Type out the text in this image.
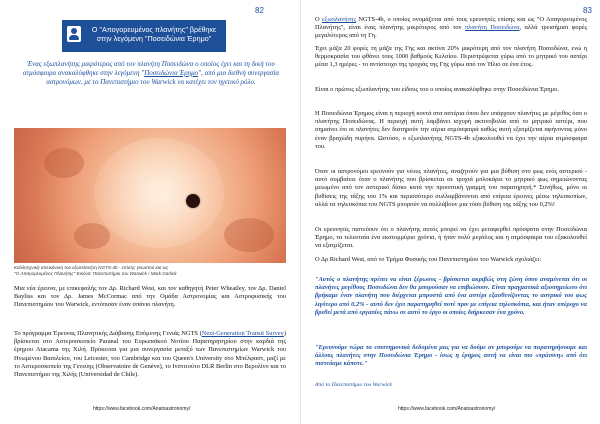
82
Ο "Απογορευμένος πλανήτης" βρέθηκε
στην λεγόμενη "Ποσειδώνια Έρημο"
Ένας εξωπλανήτης μικρότερος από τον πλανήτη Ποσειδώνα ο οποίος έχει και τη δική του ατμόσφαιρα ανακαλύφθηκε στην λεγόμενη "Ποσειδώνια Έρημο", από μια διεθνή συνεργασία αστρονόμων, με το Πανεπιστήμιο του Warwick να κατέχει τον ηγετικό ρόλο.
Καλλιτεχνική απεικόνιση του εξωπλανήτη NGTS-4b - επίσης γνωστού και ως
"O Απαγορευμένος Πλανήτης" Εικόνα: Πανεπιστήμιο του Warwick / Mark Garlick

Μια νέα έρευνα, με επικεφαλής τον Δρ. Richard West, και τον καθηγητή Peter Wheatley, τον Δρ. Daniel Bayliss και τον Δρ. James McCormac από την Ομάδα Αστρονομίας και Αστροφυσικής του Πανεπιστημίου του Warwick, εντόπισαν έναν σπάνιο πλανήτη.

Το πρόγραμμα Έρευνας Πλανητικής Διάβασης Επόμενης Γενιάς NGTS (Next-Generation Transit Survey) βρίσκεται στο Αστεροσκοπείο Paranal του Ευρωπαϊκού Νοτίου Παρατηρητηρίου στην καρδιά της έρημου Atacama της Χιλή. Πρόκειται για μια συνεργασία μεταξύ των Πανεπιστημίων Warwick του Ηνωμένου Βασιλείου, του Leicester, του Cambridge και του Queen's University στο Μπέλφαστ, μαζί με το Αστεροσκοπείο της Γενεύης (Observatoire de Genève), το Ινστιτούτο DLR Berlin στο Βερολίνο και το Πανεπιστήμιο της Χιλής (Universidad de Chile).

https://www.facebook.com/Anatoastronomy/
83

Ο εξωπλανήτης NGTS-4b, ο οποίος ονομάζεται από τους ερευνητές επίσης και ως "Ο Απαγορευμένος Πλανήτης", είναι ένας πλανήτης μικρότερος από τον πλανήτη Ποσειδώνα, αλλά τρεισήμισι φορές μεγαλύτερος από τη Γη.

Έχει μάζα 20 φορές τη μάζα της Γης και ακτίνα 20% μικρότερη από τον πλανήτη Ποσειδώνα, ενώ η θερμοκρασία του φθάνει τους 1000 βαθμούς Κελσίου. Περιστρέφεται γύρω από το μητρικό του αστέρι μέσα 1,3 ημέρες - το αντίστοιχο της τροχιάς της Γης γύρω από τον Ήλιο σε ένα έτος.

Είναι ο πρώτος εξωπλανήτης του είδους του ο οποίος ανακαλύφθηκε στην Ποσειδώνια Έρημο.

Η Ποσειδώνια Έρημος είναι η περιοχή κοντά στα αστέρια όπου δεν υπάρχουν πλανήτες με μέγεθος όσο ο πλανήτης Ποσειδώνας. Η περιοχή αυτή λαμβάνει ισχυρή ακτινοβολία από το μητρικό αστέρι, που σημαίνει ότι οι πλανήτες δεν διατηρούν την αέρια ατμόσφαιρά καθώς αυτή εξατμίζεται αφήνοντας μόνο έναν βραχώδη πυρήνα. Ωστόσο, ο εξωπλανήτης NGTS-4b εξακολουθεί να έχει την αέρια ατμόσφαιρα του.

Όταν οι αστρονόμοι ερευνούν για νέους πλανήτες, αναζητούν για μια βύθιση στο φως ενός αστεριού - αυτό συμβαίνει όταν ο πλανήτης που βρίσκεται σε τροχιά μπλοκάρει το μητρικό φως σημειώνοντας μειωμένο από τον αστερικό δίσκο κατά την προοπτική γραμμή του παρατηρητή.* Συνήθως, μόνο οι βυθίσεις της τάξης του 1% και περισσότερο συλλαμβάνονται από επίγεια έρευνες μέσω τηλεσκοπίων, αλλά τα τηλεσκόπια του NGTS μπορούν να συλλάβουν μια τόσο βύθιση της τάξης του 0,2%!

Οι ερευνητές πιστεύουν ότι ο πλανήτης αυτός μπορεί να έχει μεταφερθεί πρόσφατα στην Ποσειδώνια Έρημο, τα τελευταία ένα εκατομμύριο χρόνια, ή ήταν πολύ μεγάλος και η ατμόσφαιρα του εξακολουθεί να εξατμίζεται.

Ο Δρ Richard West, από το Τμήμα Φυσικής του Πανεπιστημίου του Warwick σχολιάζει:

"Αυτός ο πλανήτης πρέπει να είναι ξέρωσος - βρίσκεται ακριβώς στη ζώνη όπου αναμένεται ότι οι πλανήτες μεγέθους Ποσειδώνα δεν θα μπορούσαν να επιβιώσουν. Είναι πραγματικά αξιοσημείωτο ότι βρήκαμε έναν πλανήτη που διέρχεται μπροστά από ένα αστέρι εξασθενίζοντας το αστρικό του φως λιγότερο από 0,2% - αυτό δεν έχει παρατηρηθεί ποτέ πριν με επίγεια τηλεσκόπια, και ήταν υπέροχο να βρεθεί μετά από εργασίες πάνω σε αυτό το έργο οι οποίες διήρκεσαν ένα χρόνο.

"Ερευνούμε τώρα τα επιστημονικά δεδομένα μας για να δούμε αν μπορούμε να παρατηρήσουμε και άλλους πλανήτες στην Ποσειδώνια Έρημο - ίσως η έρημος αυτή να είναι πιο «πράσινη» από ότι πιστεύαμε κάποτε."

Από το Πανεπιστήμιο του Warwick

https://www.facebook.com/Anatoastronomy/
